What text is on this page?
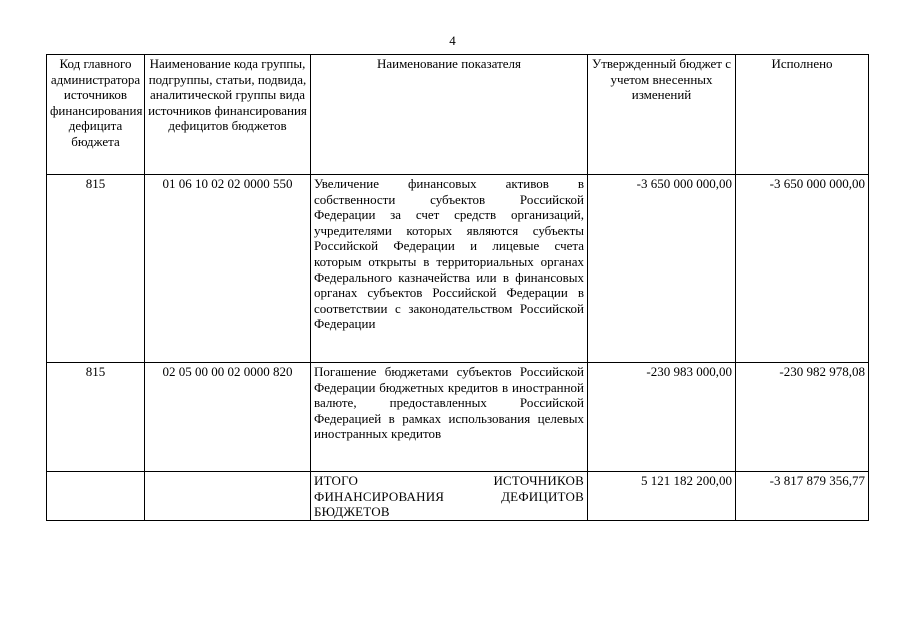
4
Код главного администратора источников финансирования дефицита бюджета	Наименование кода группы, подгруппы, статьи, подвида, аналитической группы вида источников финансирования дефицитов бюджетов	Наименование показателя	Утвержденный бюджет с учетом внесенных изменений	Исполнено

815	01 06 10 02 02 0000 550	Увеличение финансовых активов в собственности субъектов Российской Федерации за счет средств организаций, учредителями которых являются субъекты Российской Федерации и лицевые счета которым открыты в территориальных органах Федерального казначейства или в финансовых органах субъектов Российской Федерации в соответствии с законодательством Российской Федерации	-3 650 000 000,00	-3 650 000 000,00
815	02 05 00 00 02 0000 820	Погашение бюджетами субъектов Российской Федерации бюджетных кредитов в иностранной валюте, предоставленных Российской Федерацией в рамках использования целевых иностранных кредитов	-230 983 000,00	-230 982 978,08
		ИТОГО ИСТОЧНИКОВ ФИНАНСИРОВАНИЯ ДЕФИЦИТОВ БЮДЖЕТОВ	5 121 182 200,00	-3 817 879 356,77
